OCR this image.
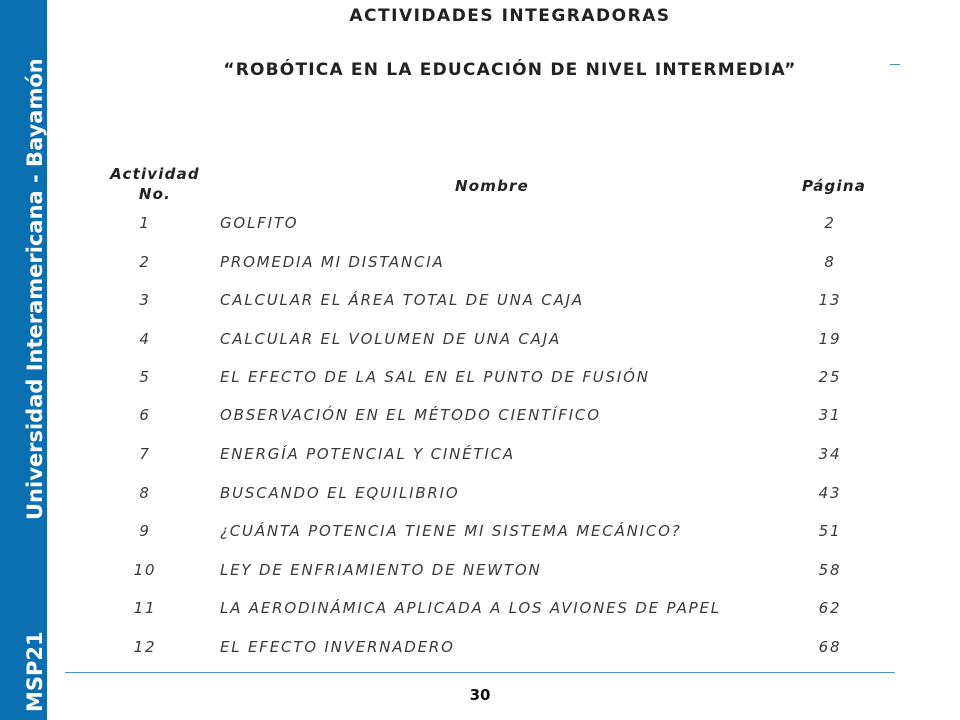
MSP21
Universidad Interamericana - Bayamón
ACTIVIDADES INTEGRADORAS
“ROBÓTICA EN LA EDUCACIÓN DE NIVEL INTERMEDIA”
Actividad
No.	Nombre	Página
1	GOLFITO	2
2	PROMEDIA MI DISTANCIA	8
3	CALCULAR EL ÁREA TOTAL DE UNA CAJA	13
4	CALCULAR EL VOLUMEN DE UNA CAJA	19
5	EL EFECTO DE LA SAL EN EL PUNTO DE FUSIÓN	25
6	OBSERVACIÓN EN EL MÉTODO CIENTÍFICO	31
7	ENERGÍA POTENCIAL Y CINÉTICA	34
8	BUSCANDO EL EQUILIBRIO	43
9	¿CUÁNTA POTENCIA TIENE MI SISTEMA MECÁNICO?	51
10	LEY DE ENFRIAMIENTO DE NEWTON	58
11	LA AERODINÁMICA APLICADA A LOS AVIONES DE PAPEL	62
12	EL EFECTO INVERNADERO	68
30
